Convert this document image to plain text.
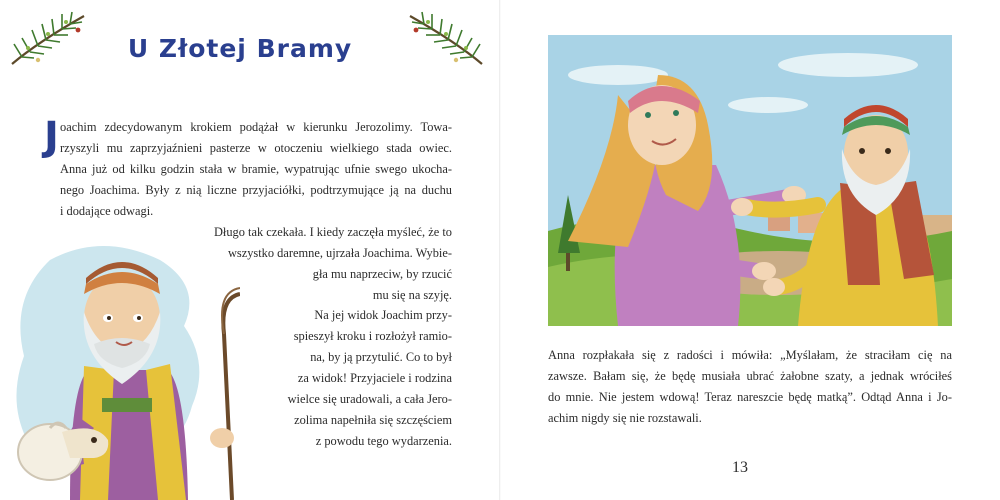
U Złotej Bramy
J oachim zdecydowanym krokiem podążał w kierunku Jerozolimy. Towa-
rzyszyli mu zaprzyjaźnieni pasterze w otoczeniu wielkiego stada owiec.
Anna już od kilku godzin stała w bramie, wypatrując ufnie swego ukocha-
nego Joachima. Były z nią liczne przyjaciółki, podtrzymujące ją na duchu
i dodające odwagi.
Długo tak czekała. I kiedy zaczęła myśleć, że to
wszystko daremne, ujrzała Joachima. Wybie-
gła mu naprzeciw, by rzucić
mu się na szyję.
Na jej widok Joachim przy-
spieszył kroku i rozłożył ramio-
na, by ją przytulić. Co to był
za widok! Przyjaciele i rodzina
wielce się uradowali, a cała Jero-
zolima napełniła się szczęściem
z powodu tego wydarzenia.
Anna rozpłakała się z radości i mówiła: „Myślałam, że straciłam cię na
zawsze. Bałam się, że będę musiała ubrać żałobne szaty, a jednak wróciłeś
do mnie. Nie jestem wdową! Teraz nareszcie będę matką”. Odtąd Anna i Jo-
achim nigdy się nie rozstawali.
13
